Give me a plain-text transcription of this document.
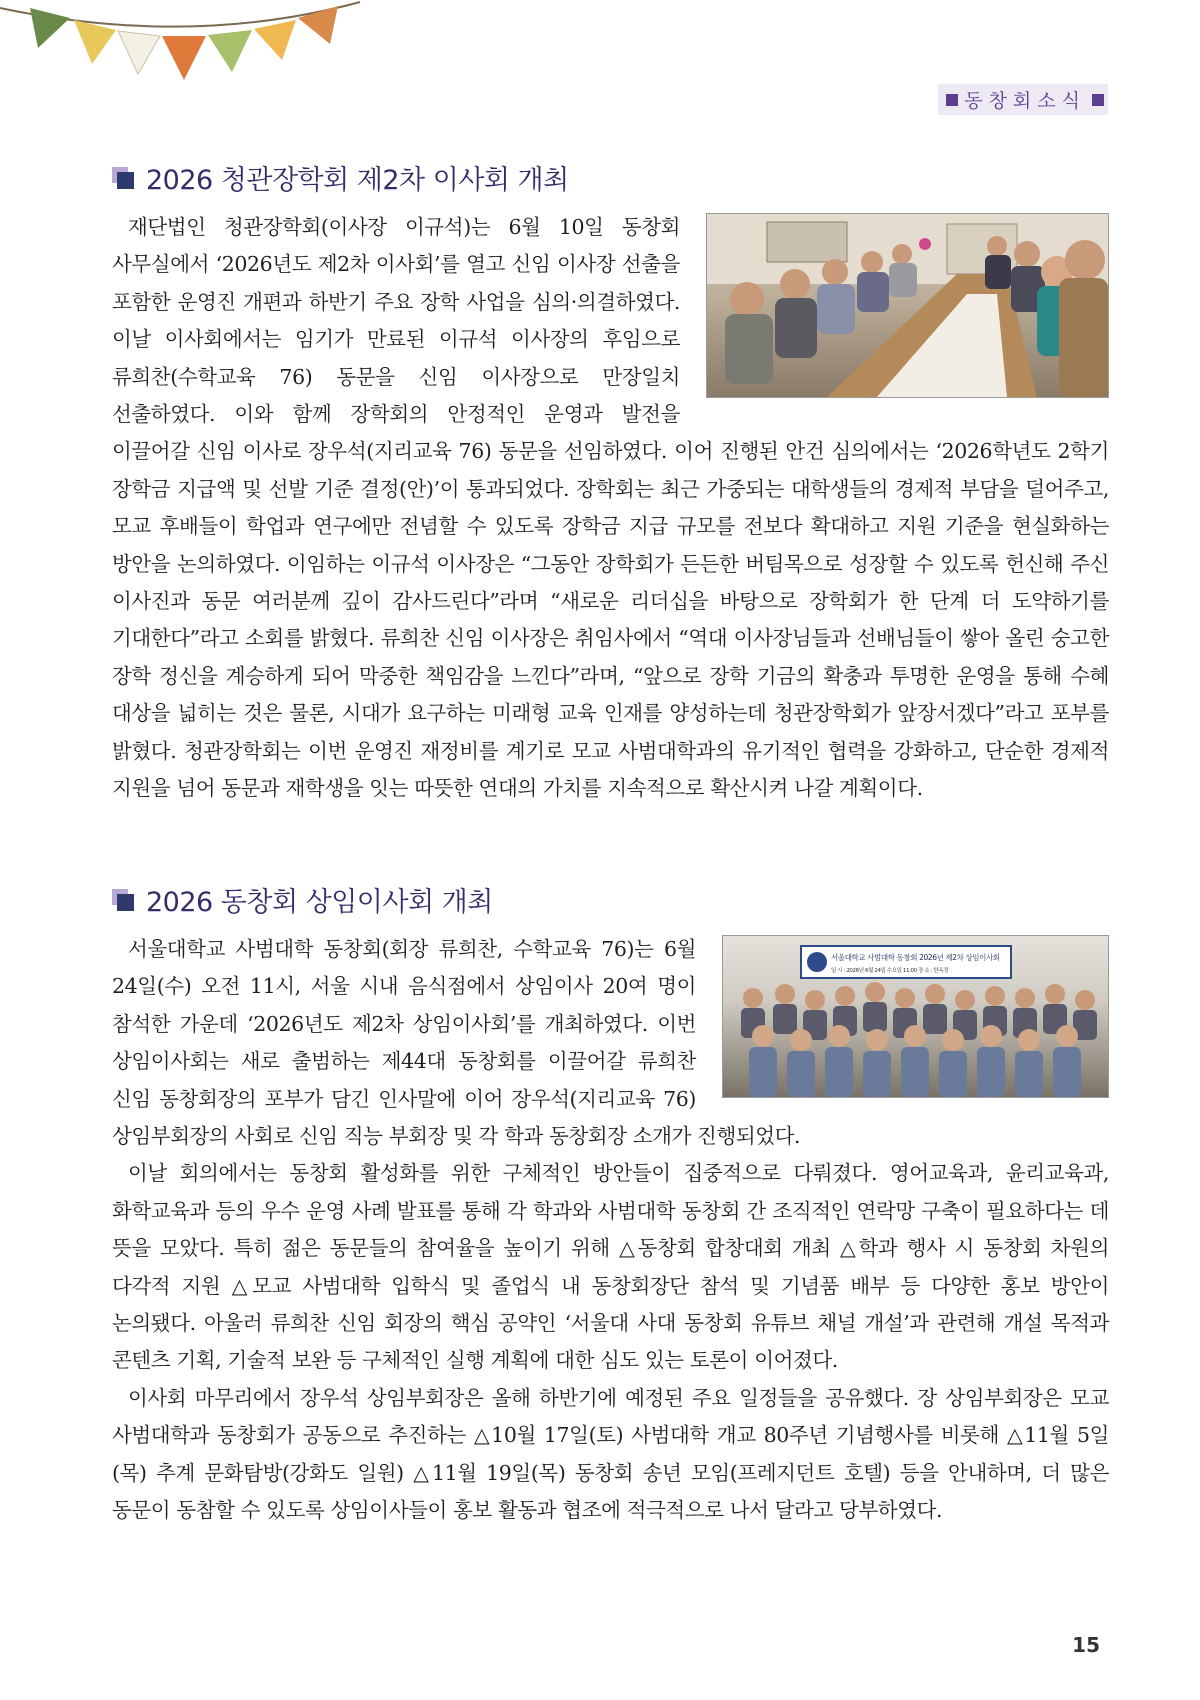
동창회소식
2026 청관장학회 제2차 이사회 개최

재단법인 청관장학회(이사장 이규석)는 6월 10일 동창회 사무실에서 ‘2026년도 제2차 이사회’를 열고 신임 이사장 선출을 포함한 운영진 개편과 하반기 주요 장학 사업을 심의·의결하였다. 이날 이사회에서는 임기가 만료된 이규석 이사장의 후임으로 류희찬(수학교육 76) 동문을 신임 이사장으로 만장일치 선출하였다. 이와 함께 장학회의 안정적인 운영과 발전을 이끌어갈 신임 이사로 장우석(지리교육 76) 동문을 선임하였다. 이어 진행된 안건 심의에서는 ‘2026학년도 2학기 장학금 지급액 및 선발 기준 결정(안)’이 통과되었다. 장학회는 최근 가중되는 대학생들의 경제적 부담을 덜어주고, 모교 후배들이 학업과 연구에만 전념할 수 있도록 장학금 지급 규모를 전보다 확대하고 지원 기준을 현실화하는 방안을 논의하였다. 이임하는 이규석 이사장은 “그동안 장학회가 든든한 버팀목으로 성장할 수 있도록 헌신해 주신 이사진과 동문 여러분께 깊이 감사드린다”라며 “새로운 리더십을 바탕으로 장학회가 한 단계 더 도약하기를 기대한다”라고 소회를 밝혔다. 류희찬 신임 이사장은 취임사에서 “역대 이사장님들과 선배님들이 쌓아 올린 숭고한 장학 정신을 계승하게 되어 막중한 책임감을 느낀다”라며, “앞으로 장학 기금의 확충과 투명한 운영을 통해 수혜 대상을 넓히는 것은 물론, 시대가 요구하는 미래형 교육 인재를 양성하는데 청관장학회가 앞장서겠다”라고 포부를 밝혔다. 청관장학회는 이번 운영진 재정비를 계기로 모교 사범대학과의 유기적인 협력을 강화하고, 단순한 경제적 지원을 넘어 동문과 재학생을 잇는 따뜻한 연대의 가치를 지속적으로 확산시켜 나갈 계획이다.

2026 동창회 상임이사회 개최
서울대학교 사범대학 동창회 2026년 제2차 상임이사회
일 시 : 2026년 6월 24일 수요일 11:00 장 소 : 한옥정

서울대학교 사범대학 동창회(회장 류희찬, 수학교육 76)는 6월 24일(수) 오전 11시, 서울 시내 음식점에서 상임이사 20여 명이 참석한 가운데 ‘2026년도 제2차 상임이사회’를 개최하였다. 이번 상임이사회는 새로 출범하는 제44대 동창회를 이끌어갈 류희찬 신임 동창회장의 포부가 담긴 인사말에 이어 장우석(지리교육 76) 상임부회장의 사회로 신임 직능 부회장 및 각 학과 동창회장 소개가 진행되었다.

이날 회의에서는 동창회 활성화를 위한 구체적인 방안들이 집중적으로 다뤄졌다. 영어교육과, 윤리교육과, 화학교육과 등의 우수 운영 사례 발표를 통해 각 학과와 사범대학 동창회 간 조직적인 연락망 구축이 필요하다는 데 뜻을 모았다. 특히 젊은 동문들의 참여율을 높이기 위해 △동창회 합창대회 개최 △학과 행사 시 동창회 차원의 다각적 지원 △모교 사범대학 입학식 및 졸업식 내 동창회장단 참석 및 기념품 배부 등 다양한 홍보 방안이 논의됐다. 아울러 류희찬 신임 회장의 핵심 공약인 ‘서울대 사대 동창회 유튜브 채널 개설’과 관련해 개설 목적과 콘텐츠 기획, 기술적 보완 등 구체적인 실행 계획에 대한 심도 있는 토론이 이어졌다.

이사회 마무리에서 장우석 상임부회장은 올해 하반기에 예정된 주요 일정들을 공유했다. 장 상임부회장은 모교 사범대학과 동창회가 공동으로 추진하는 △10월 17일(토) 사범대학 개교 80주년 기념행사를 비롯해 △11월 5일(목) 추계 문화탐방(강화도 일원) △11월 19일(목) 동창회 송년 모임(프레지던트 호텔) 등을 안내하며, 더 많은 동문이 동참할 수 있도록 상임이사들이 홍보 활동과 협조에 적극적으로 나서 달라고 당부하였다.

15
